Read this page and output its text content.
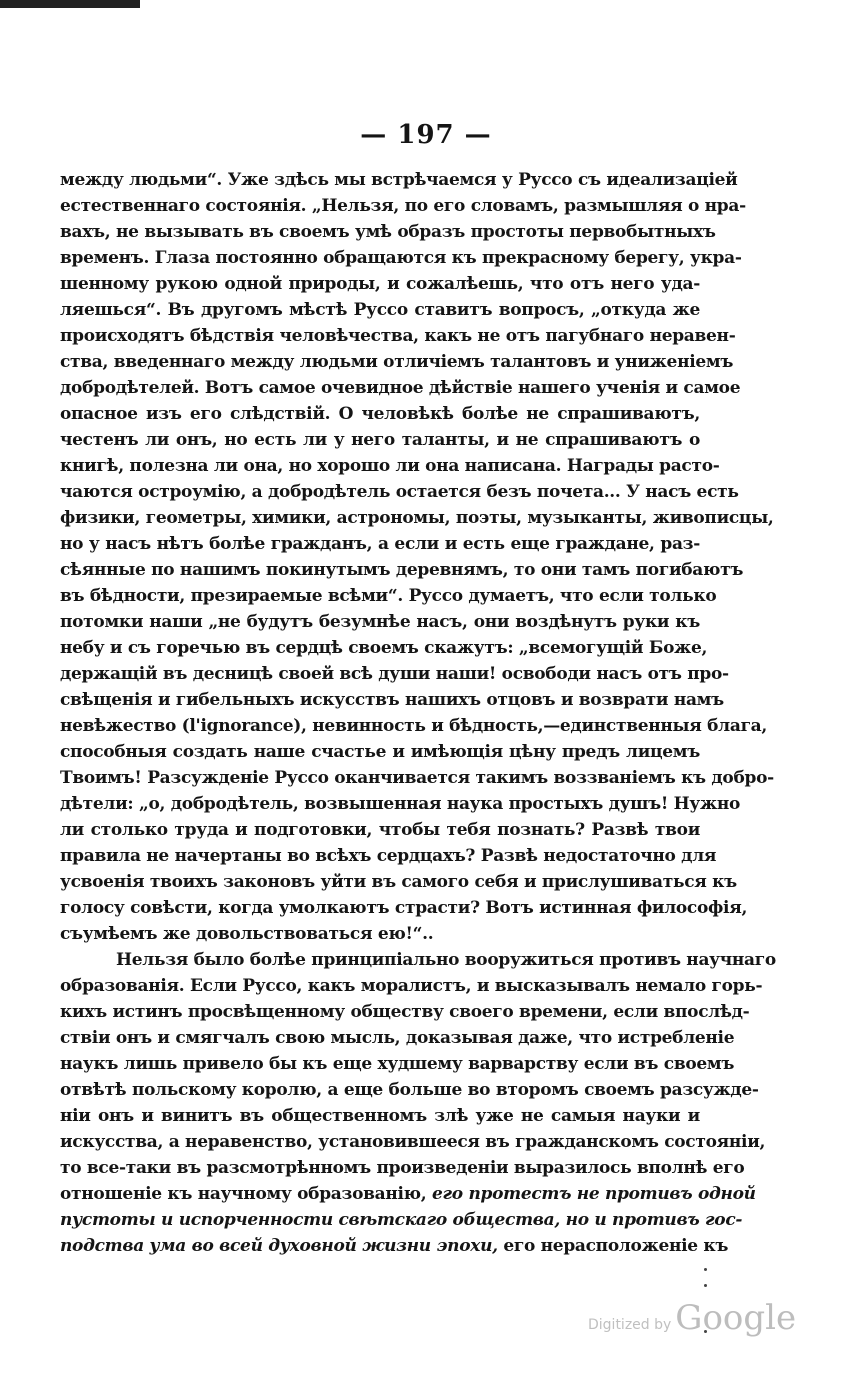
— 197 —
между людьми“. Уже здѣсь мы встрѣчаемся у Руссо съ идеализаціей
естественнаго состоянія. „Нельзя, по его словамъ, размышляя о нра-
вахъ, не вызывать въ своемъ умѣ образъ простоты первобытныхъ
временъ. Глаза постоянно обращаются къ прекрасному берегу, укра-
шенному рукою одной природы, и сожалѣешь, что отъ него уда-
ляешься“. Въ другомъ мѣстѣ Руссо ставитъ вопросъ, „откуда же
происходятъ бѣдствія человѣчества, какъ не отъ пагубнаго неравен-
ства, введеннаго между людьми отличіемъ талантовъ и униженіемъ
добродѣтелей. Вотъ самое очевидное дѣйствіе нашего ученія и самое
опасное изъ его слѣдствій. О человѣкѣ болѣе не спрашиваютъ,
честенъ ли онъ, но есть ли у него таланты, и не спрашиваютъ о
книгѣ, полезна ли она, но хорошо ли она написана. Награды расто-
чаются остроумію, а добродѣтель остается безъ почета... У насъ есть
физики, геометры, химики, астрономы, поэты, музыканты, живописцы,
но у насъ нѣтъ болѣе гражданъ, а если и есть еще граждане, раз-
сѣянные по нашимъ покинутымъ деревнямъ, то они тамъ погибаютъ
въ бѣдности, презираемые всѣми“. Руссо думаетъ, что если только
потомки наши „не будутъ безумнѣе насъ, они воздѣнутъ руки къ
небу и съ горечью въ сердцѣ своемъ скажутъ: „всемогущій Боже,
держащій въ десницѣ своей всѣ души наши! освободи насъ отъ про-
свѣщенія и гибельныхъ искусствъ нашихъ отцовъ и возврати намъ
невѣжество (l'ignorance), невинность и бѣдность,—единственныя блага,
способныя создать наше счастье и имѣющія цѣну предъ лицемъ
Твоимъ! Разсужденіе Руссо оканчивается такимъ воззваніемъ къ добро-
дѣтели: „о, добродѣтель, возвышенная наука простыхъ душъ! Нужно
ли столько труда и подготовки, чтобы тебя познать? Развѣ твои
правила не начертаны во всѣхъ сердцахъ? Развѣ недостаточно для
усвоенія твоихъ законовъ уйти въ самого себя и прислушиваться къ
голосу совѣсти, когда умолкаютъ страсти? Вотъ истинная философія,
съумѣемъ же довольствоваться ею!“..
Нельзя было болѣе принципіально вооружиться противъ научнаго
образованія. Если Руссо, какъ моралистъ, и высказывалъ немало горь-
кихъ истинъ просвѣщенному обществу своего времени, если впослѣд-
ствіи онъ и смягчалъ свою мысль, доказывая даже, что истребленіе
наукъ лишь привело бы къ еще худшему варварству если въ своемъ
отвѣтѣ польскому королю, а еще больше во второмъ своемъ разсужде-
ніи онъ и винитъ въ общественномъ злѣ уже не самыя науки и
искусства, а неравенство, установившееся въ гражданскомъ состояніи,
то все-таки въ разсмотрѣнномъ произведеніи выразилось вполнѣ его
отношеніе къ научному образованію, его протестъ не противъ одной
пустоты и испорченности свѣтскаго общества, но и противъ гос-
подства ума во всей духовной жизни эпохи, его нерасположеніе къ
Digitized by Google
